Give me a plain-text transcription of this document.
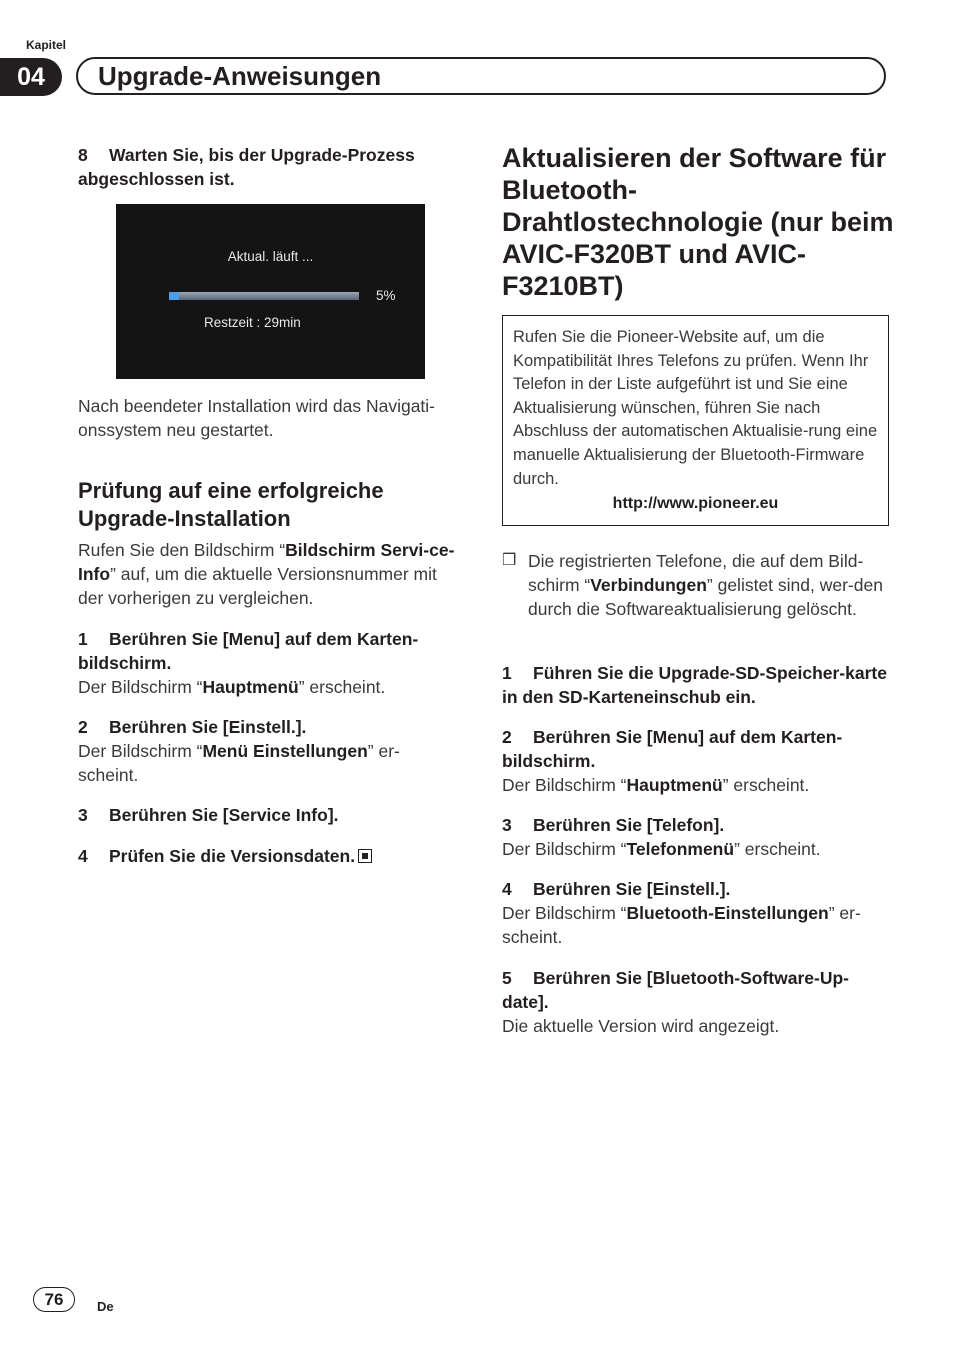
Kapitel
04	Upgrade-Anweisungen

8 Warten Sie, bis der Upgrade-Prozess abgeschlossen ist.

Aktual. läuft ...
5%
Restzeit : 29min
Nach beendeter Installation wird das Navigati-onssystem neu gestartet.
Prüfung auf eine erfolgreiche Upgrade-Installation
Rufen Sie den Bildschirm “Bildschirm Servi-ce-Info” auf, um die aktuelle Versionsnummer mit der vorherigen zu vergleichen.

1 Berühren Sie [Menu] auf dem Karten-bildschirm.

Der Bildschirm “Hauptmenü” erscheint.

2 Berühren Sie [Einstell.].

Der Bildschirm “Menü Einstellungen” er-scheint.

3 Berühren Sie [Service Info].

4 Prüfen Sie die Versionsdaten.

Aktualisieren der Software für Bluetooth-Drahtlostechnologie (nur beim AVIC-F320BT und AVIC-F3210BT)
Rufen Sie die Pioneer-Website auf, um die Kompatibilität Ihres Telefons zu prüfen. Wenn Ihr Telefon in der Liste aufgeführt ist und Sie eine Aktualisierung wünschen, führen Sie nach Abschluss der automatischen Aktualisie-rung eine manuelle Aktualisierung der Bluetooth-Firmware durch.
http://www.pioneer.eu
❒ Die registrierten Telefone, die auf dem Bild-schirm “Verbindungen” gelistet sind, wer-den durch die Softwareaktualisierung gelöscht.

1 Führen Sie die Upgrade-SD-Speicher-karte in den SD-Karteneinschub ein.

2 Berühren Sie [Menu] auf dem Karten-bildschirm.

Der Bildschirm “Hauptmenü” erscheint.

3 Berühren Sie [Telefon].

Der Bildschirm “Telefonmenü” erscheint.

4 Berühren Sie [Einstell.].

Der Bildschirm “Bluetooth-Einstellungen” er-scheint.

5 Berühren Sie [Bluetooth-Software-Up-date].

Die aktuelle Version wird angezeigt.

76	De
